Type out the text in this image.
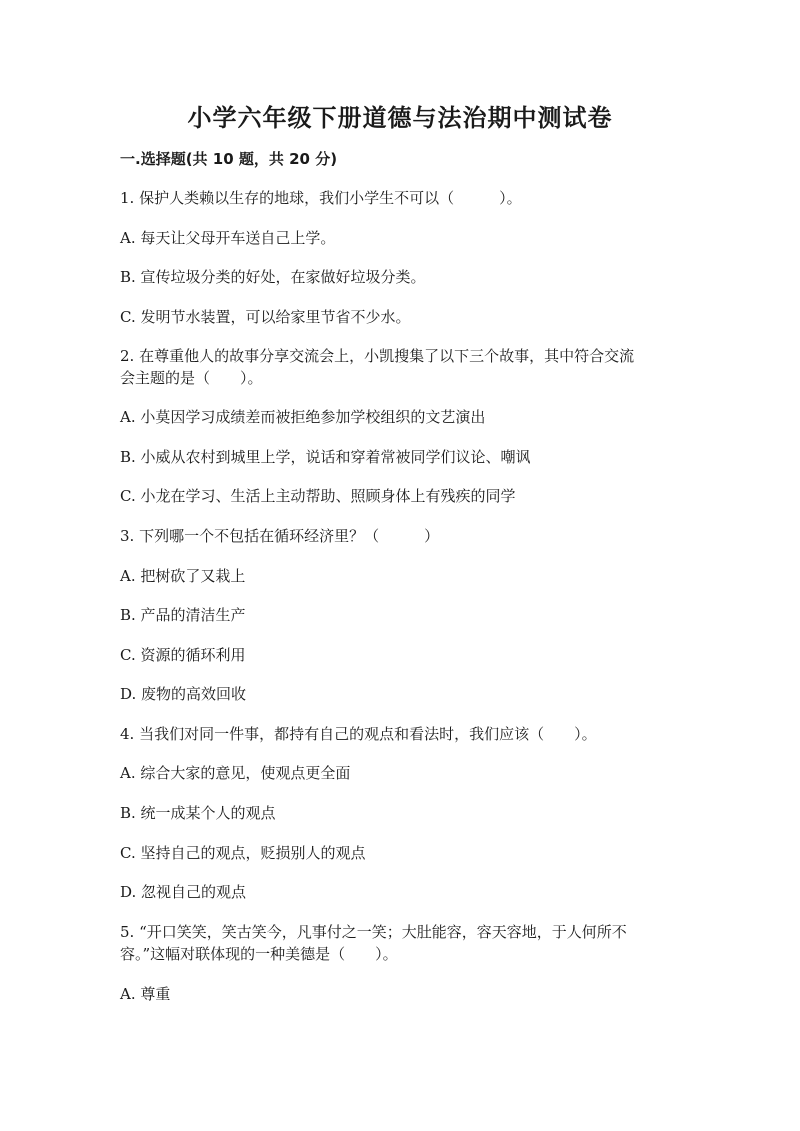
小学六年级下册道德与法治期中测试卷
一.选择题(共 10 题，共 20 分)
1. 保护人类赖以生存的地球，我们小学生不可以（　　　）。
A. 每天让父母开车送自己上学。
B. 宣传垃圾分类的好处，在家做好垃圾分类。
C. 发明节水装置，可以给家里节省不少水。
2. 在尊重他人的故事分享交流会上，小凯搜集了以下三个故事，其中符合交流
会主题的是（　　）。
A. 小莫因学习成绩差而被拒绝参加学校组织的文艺演出
B. 小威从农村到城里上学，说话和穿着常被同学们议论、嘲讽
C. 小龙在学习、生活上主动帮助、照顾身体上有残疾的同学
3. 下列哪一个不包括在循环经济里？（　　　）
A. 把树砍了又栽上
B. 产品的清洁生产
C. 资源的循环利用
D. 废物的高效回收
4. 当我们对同一件事，都持有自己的观点和看法时，我们应该（　　）。
A. 综合大家的意见，使观点更全面
B. 统一成某个人的观点
C. 坚持自己的观点，贬损别人的观点
D. 忽视自己的观点
5. “开口笑笑，笑古笑今，凡事付之一笑；大肚能容，容天容地，于人何所不
容。”这幅对联体现的一种美德是（　　）。
A. 尊重
